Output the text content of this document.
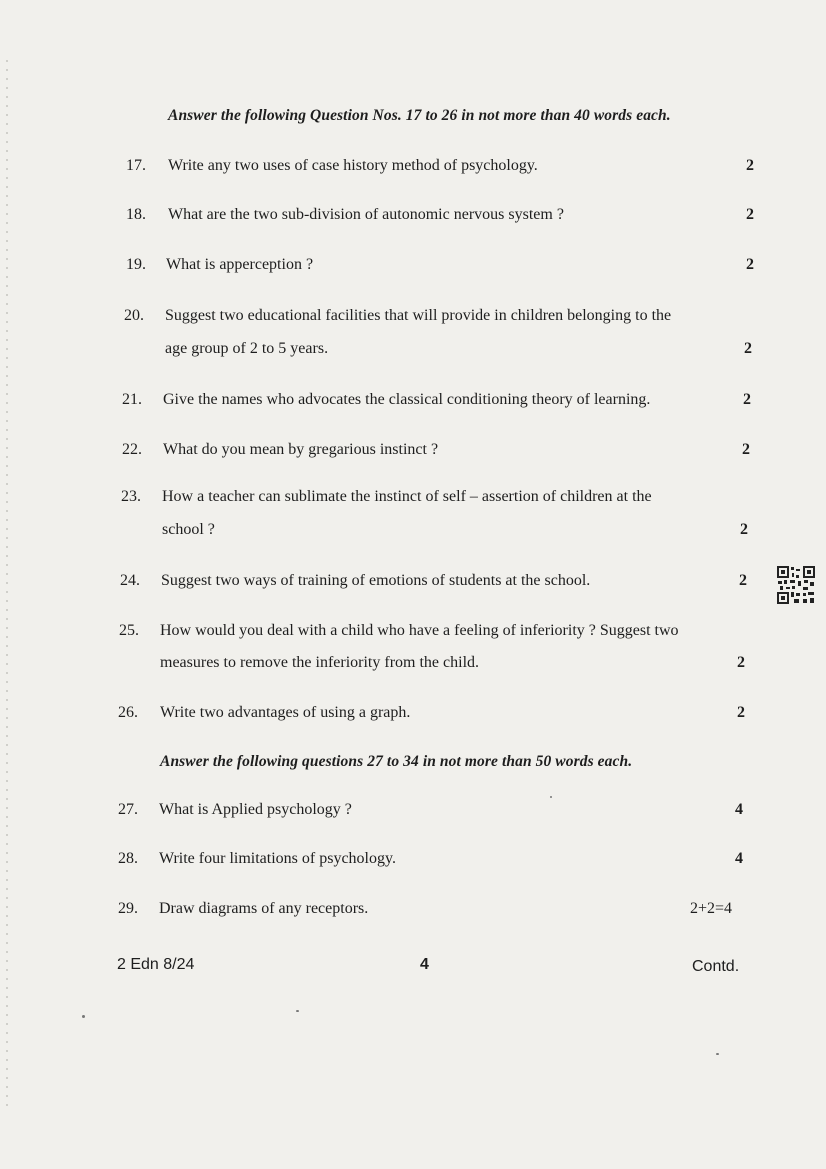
Answer the following Question Nos. 17 to 26 in not more than 40 words each.
17. Write any two uses of case history method of psychology.	2
18. What are the two sub-division of autonomic nervous system ?	2
19. What is apperception ?	2
20. Suggest two educational facilities that will provide in children belonging to the
age group of 2 to 5 years.	2
21. Give the names who advocates the classical conditioning theory of learning.	2
22. What do you mean by gregarious instinct ?	2
23. How a teacher can sublimate the instinct of self – assertion of children at the
school ?	2
24. Suggest two ways of training of emotions of students at the school.	2
25. How would you deal with a child who have a feeling of inferiority ? Suggest two
measures to remove the inferiority from the child.	2
26. Write two advantages of using a graph.	2
Answer the following questions 27 to 34 in not more than 50 words each.
27. What is Applied psychology ?	4
28. Write four limitations of psychology.	4
29. Draw diagrams of any receptors.	2+2=4
2 Edn 8/24	4	Contd.
